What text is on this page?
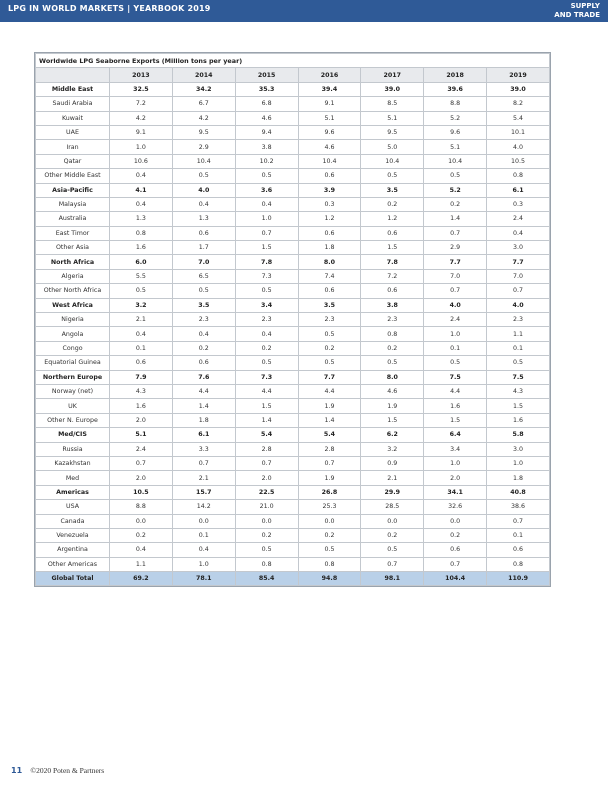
LPG IN WORLD MARKETS | YEARBOOK 2019	SUPPLY
AND TRADE
Worldwide LPG Seaborne Exports (Million tons per year)							
	2013	2014	2015	2016	2017	2018	2019
Middle East	32.5	34.2	35.3	39.4	39.0	39.6	39.0
Saudi Arabia	7.2	6.7	6.8	9.1	8.5	8.8	8.2
Kuwait	4.2	4.2	4.6	5.1	5.1	5.2	5.4
UAE	9.1	9.5	9.4	9.6	9.5	9.6	10.1
Iran	1.0	2.9	3.8	4.6	5.0	5.1	4.0
Qatar	10.6	10.4	10.2	10.4	10.4	10.4	10.5
Other Middle East	0.4	0.5	0.5	0.6	0.5	0.5	0.8
Asia-Pacific	4.1	4.0	3.6	3.9	3.5	5.2	6.1
Malaysia	0.4	0.4	0.4	0.3	0.2	0.2	0.3
Australia	1.3	1.3	1.0	1.2	1.2	1.4	2.4
East Timor	0.8	0.6	0.7	0.6	0.6	0.7	0.4
Other Asia	1.6	1.7	1.5	1.8	1.5	2.9	3.0
North Africa	6.0	7.0	7.8	8.0	7.8	7.7	7.7
Algeria	5.5	6.5	7.3	7.4	7.2	7.0	7.0
Other North Africa	0.5	0.5	0.5	0.6	0.6	0.7	0.7
West Africa	3.2	3.5	3.4	3.5	3.8	4.0	4.0
Nigeria	2.1	2.3	2.3	2.3	2.3	2.4	2.3
Angola	0.4	0.4	0.4	0.5	0.8	1.0	1.1
Congo	0.1	0.2	0.2	0.2	0.2	0.1	0.1
Equatorial Guinea	0.6	0.6	0.5	0.5	0.5	0.5	0.5
Northern Europe	7.9	7.6	7.3	7.7	8.0	7.5	7.5
Norway (net)	4.3	4.4	4.4	4.4	4.6	4.4	4.3
UK	1.6	1.4	1.5	1.9	1.9	1.6	1.5
Other N. Europe	2.0	1.8	1.4	1.4	1.5	1.5	1.6
Med/CIS	5.1	6.1	5.4	5.4	6.2	6.4	5.8
Russia	2.4	3.3	2.8	2.8	3.2	3.4	3.0
Kazakhstan	0.7	0.7	0.7	0.7	0.9	1.0	1.0
Med	2.0	2.1	2.0	1.9	2.1	2.0	1.8
Americas	10.5	15.7	22.5	26.8	29.9	34.1	40.8
USA	8.8	14.2	21.0	25.3	28.5	32.6	38.6
Canada	0.0	0.0	0.0	0.0	0.0	0.0	0.7
Venezuela	0.2	0.1	0.2	0.2	0.2	0.2	0.1
Argentina	0.4	0.4	0.5	0.5	0.5	0.6	0.6
Other Americas	1.1	1.0	0.8	0.8	0.7	0.7	0.8
Global Total	69.2	78.1	85.4	94.8	98.1	104.4	110.9
11 ©2020 Poten & Partners
